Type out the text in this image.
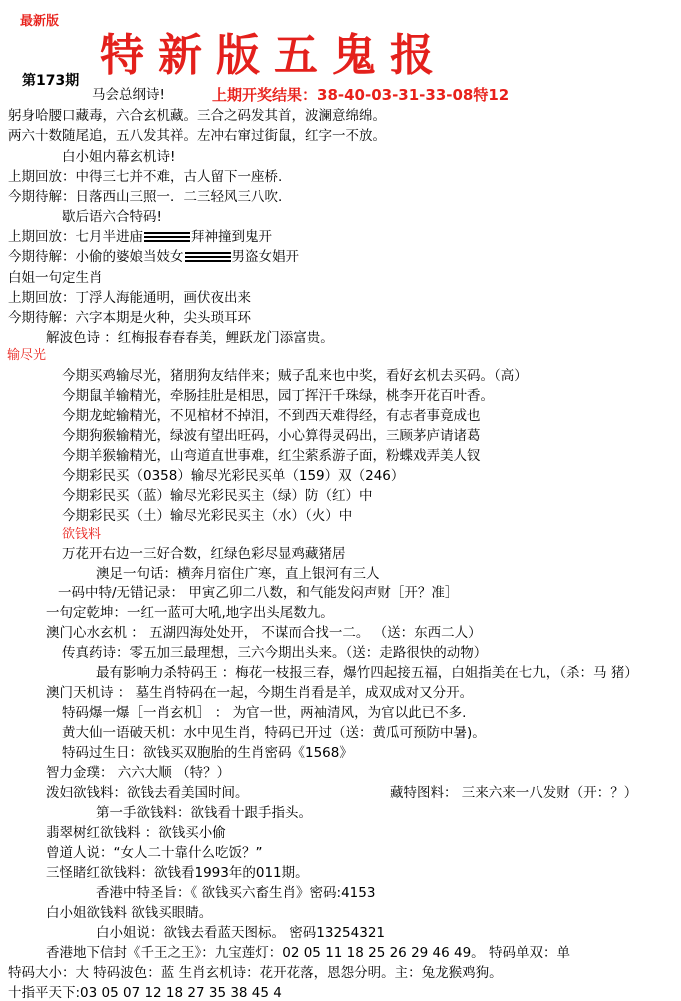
最新版
特新版五鬼报
第173期
上期开奖结果：38-40-03-31-33-08特12
马会总纲诗!
躬身哈腰口藏毒，六合玄机藏。三合之码发其首，波澜意绵绵。
两六十数随尾追，五八发其祥。左冲右窜过街鼠，红字一不放。
白小姐内幕玄机诗!
上期回放：中得三七并不难，古人留下一座桥.
今期待解：日落西山三照一．二三轻风三八吹.
歇后语六合特码!
上期回放：七月半进庙	拜神撞到鬼开
今期待解：小偷的婆娘当妓女	男盗女娼开
白姐一句定生肖
上期回放：丁浮人海能通明，画伏夜出来
今期待解：六字本期是火种，尖头琐耳环
解波色诗 ：红梅报春春春美，鲤跃龙门添富贵。
输尽光
今期买鸡输尽光，猪朋狗友结伴来；贼子乱来也中奖，看好玄机去买码。（高）
今期鼠羊输精光，牵肠挂肚是相思，园丁挥汗千珠绿，桃李开花百叶香。
今期龙蛇输精光，不见棺材不掉泪，不到西天难得经，有志者事竟成也
今期狗猴输精光，绿波有望出旺码，小心算得灵码出，三顾茅庐请诸葛
今期羊猴输精光，山弯道直世事难，红尘萦系游子面，粉蝶戏弄美人钗
今期彩民买（0358）输尽光彩民买单（159）双（246）
今期彩民买（蓝）输尽光彩民买主（绿）防（红）中
今期彩民买（土）输尽光彩民买主（水）（火）中
欲钱料
万花开右边一三好合数，红绿色彩尽显鸡藏猪居
澳足一句话：横奔月宿住广寒，直上银河有三人
一码中特/无错记录： 甲寅乙卯二八数，和气能发闷声财［开？准］
一句定乾坤：一红一蓝可大吼,地字出头尾数九。
澳门心水玄机 ： 五湖四海处处开， 不谋而合找一二。 （送：东西二人）
传真药诗：零五加三最理想，三六今期出头来。（送：走路很快的动物）
最有影响力杀特码王 ：梅花一枝报三春，爆竹四起接五福，白姐指美在七九，（杀：马 猪）
澳门天机诗 ： 墓生肖特码在一起，今期生肖看是羊，成双成对又分开。
特码爆一爆［一肖玄机］ ： 为官一世，两袖清风，为官以此已不多.
黄大仙一语破天机：水中见生肖，特码已开过（送：黄瓜可预防中暑)。
特码过生日：欲钱买双胞胎的生肖密码《1568》
智力金璞： 六六大顺 （特？）
泼妇欲钱料：欲钱去看美国时间。	藏特图料： 三来六来一八发财（开：？）
第一手欲钱料：欲钱看十跟手指头。
翡翠树红欲钱料 ：欲钱买小偷
曾道人说：“女人二十靠什么吃饭？”
三怪睹红欲钱料：欲钱看1993年的011期。
香港中特圣旨：《 欲钱买六畜生肖》密码:4153
白小姐欲钱料 欲钱买眼睛。
白小姐说：欲钱去看蓝天图标。 密码13254321
香港地下信封《千王之王》：九宝莲灯：02 05 11 18 25 26 29 46 49。 特码单双：单
特码大小：大 特码波色：蓝 生肖玄机诗：花开花落，恩怨分明。主：兔龙猴鸡狗。
十指平天下:03 05 07 12 18 27 35 38 45 4
